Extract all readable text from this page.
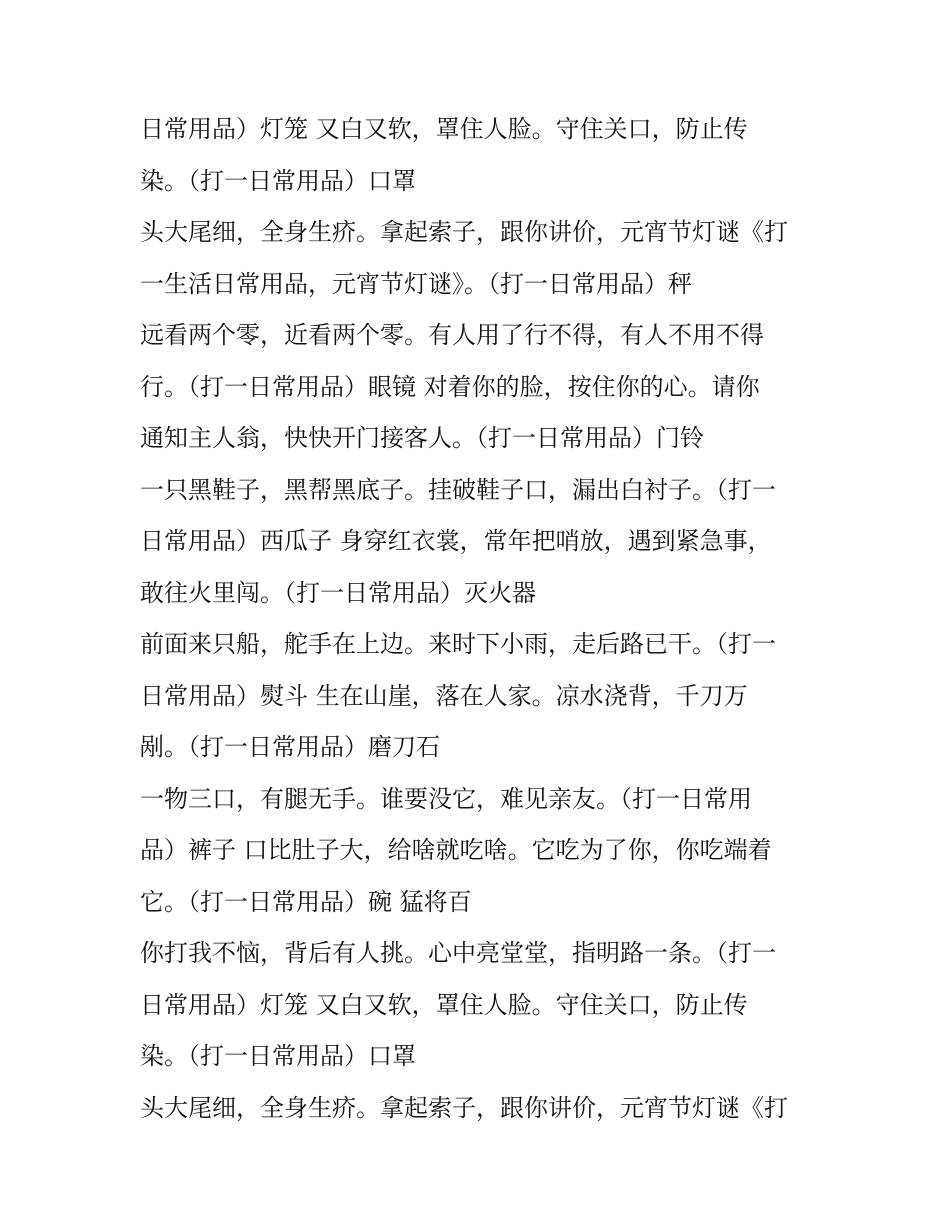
日常用品）灯笼 又白又软，罩住人脸。守住关口，防止传

染。（打一日常用品）口罩

头大尾细，全身生疥。拿起索子，跟你讲价，元宵节灯谜《打

一生活日常用品，元宵节灯谜》。（打一日常用品）秤

远看两个零，近看两个零。有人用了行不得，有人不用不得

行。（打一日常用品）眼镜 对着你的脸，按住你的心。请你

通知主人翁，快快开门接客人。（打一日常用品）门铃

一只黑鞋子，黑帮黑底子。挂破鞋子口，漏出白衬子。（打一

日常用品）西瓜子 身穿红衣裳，常年把哨放，遇到紧急事，

敢往火里闯。（打一日常用品）灭火器

前面来只船，舵手在上边。来时下小雨，走后路已干。（打一

日常用品）熨斗 生在山崖，落在人家。凉水浇背，千刀万

剐。（打一日常用品）磨刀石

一物三口，有腿无手。谁要没它，难见亲友。（打一日常用

品）裤子 口比肚子大，给啥就吃啥。它吃为了你，你吃端着

它。（打一日常用品）碗 猛将百

你打我不恼，背后有人挑。心中亮堂堂，指明路一条。（打一

日常用品）灯笼 又白又软，罩住人脸。守住关口，防止传

染。（打一日常用品）口罩

头大尾细，全身生疥。拿起索子，跟你讲价，元宵节灯谜《打
